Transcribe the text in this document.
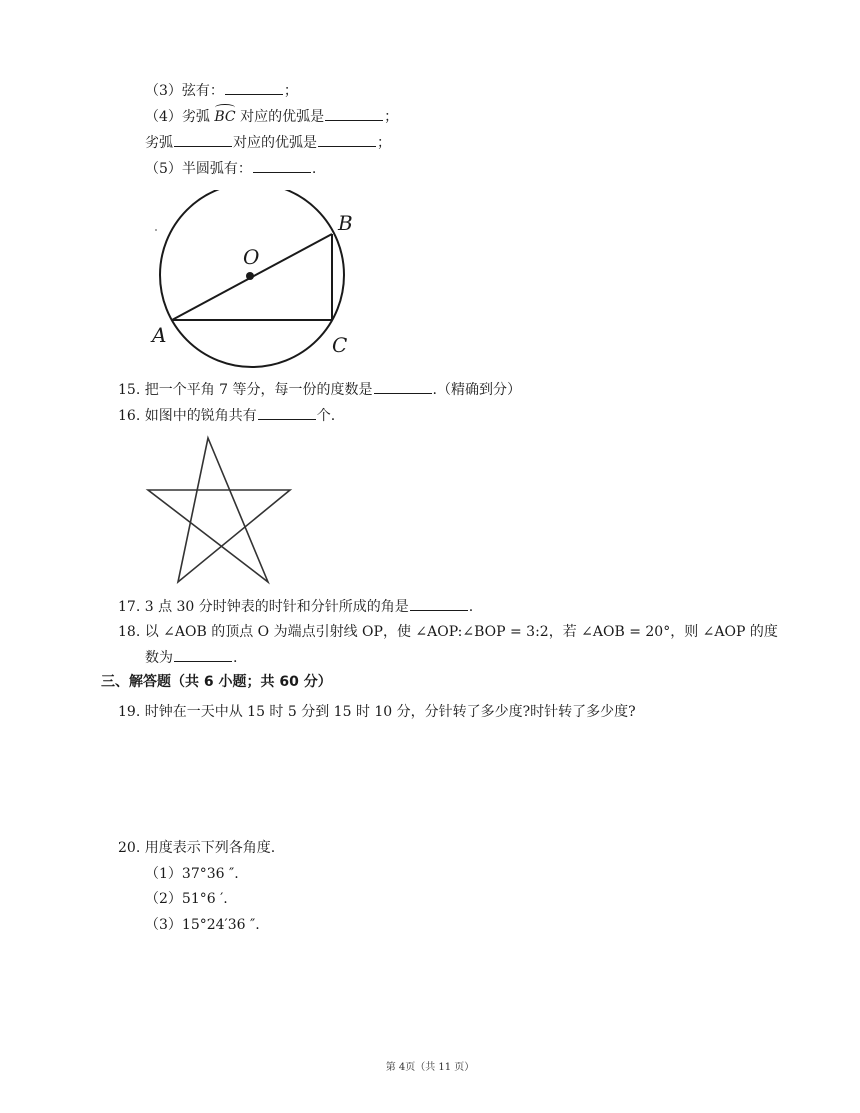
（3）弦有：	；
（4）劣弧 BC 对应的优弧是	；
劣弧	对应的优弧是	；
（5）半圆弧有：	.
O
B
A	C
15. 把一个平角 7 等分，每一份的度数是	.（精确到分）
16. 如图中的锐角共有	个.
17. 3 点 30 分时钟表的时针和分针所成的角是	.
18. 以 ∠AOB 的顶点 O 为端点引射线 OP，使 ∠AOP:∠BOP = 3:2，若 ∠AOB = 20°，则 ∠AOP 的度
数为	.
三、解答题（共 6 小题；共 60 分）
19. 时钟在一天中从 15 时 5 分到 15 时 10 分，分针转了多少度?时针转了多少度?
20. 用度表示下列各角度.
（1）37°36 ″.
（2）51°6 ′.
（3）15°24′36 ″.
第 4页（共 11 页）
